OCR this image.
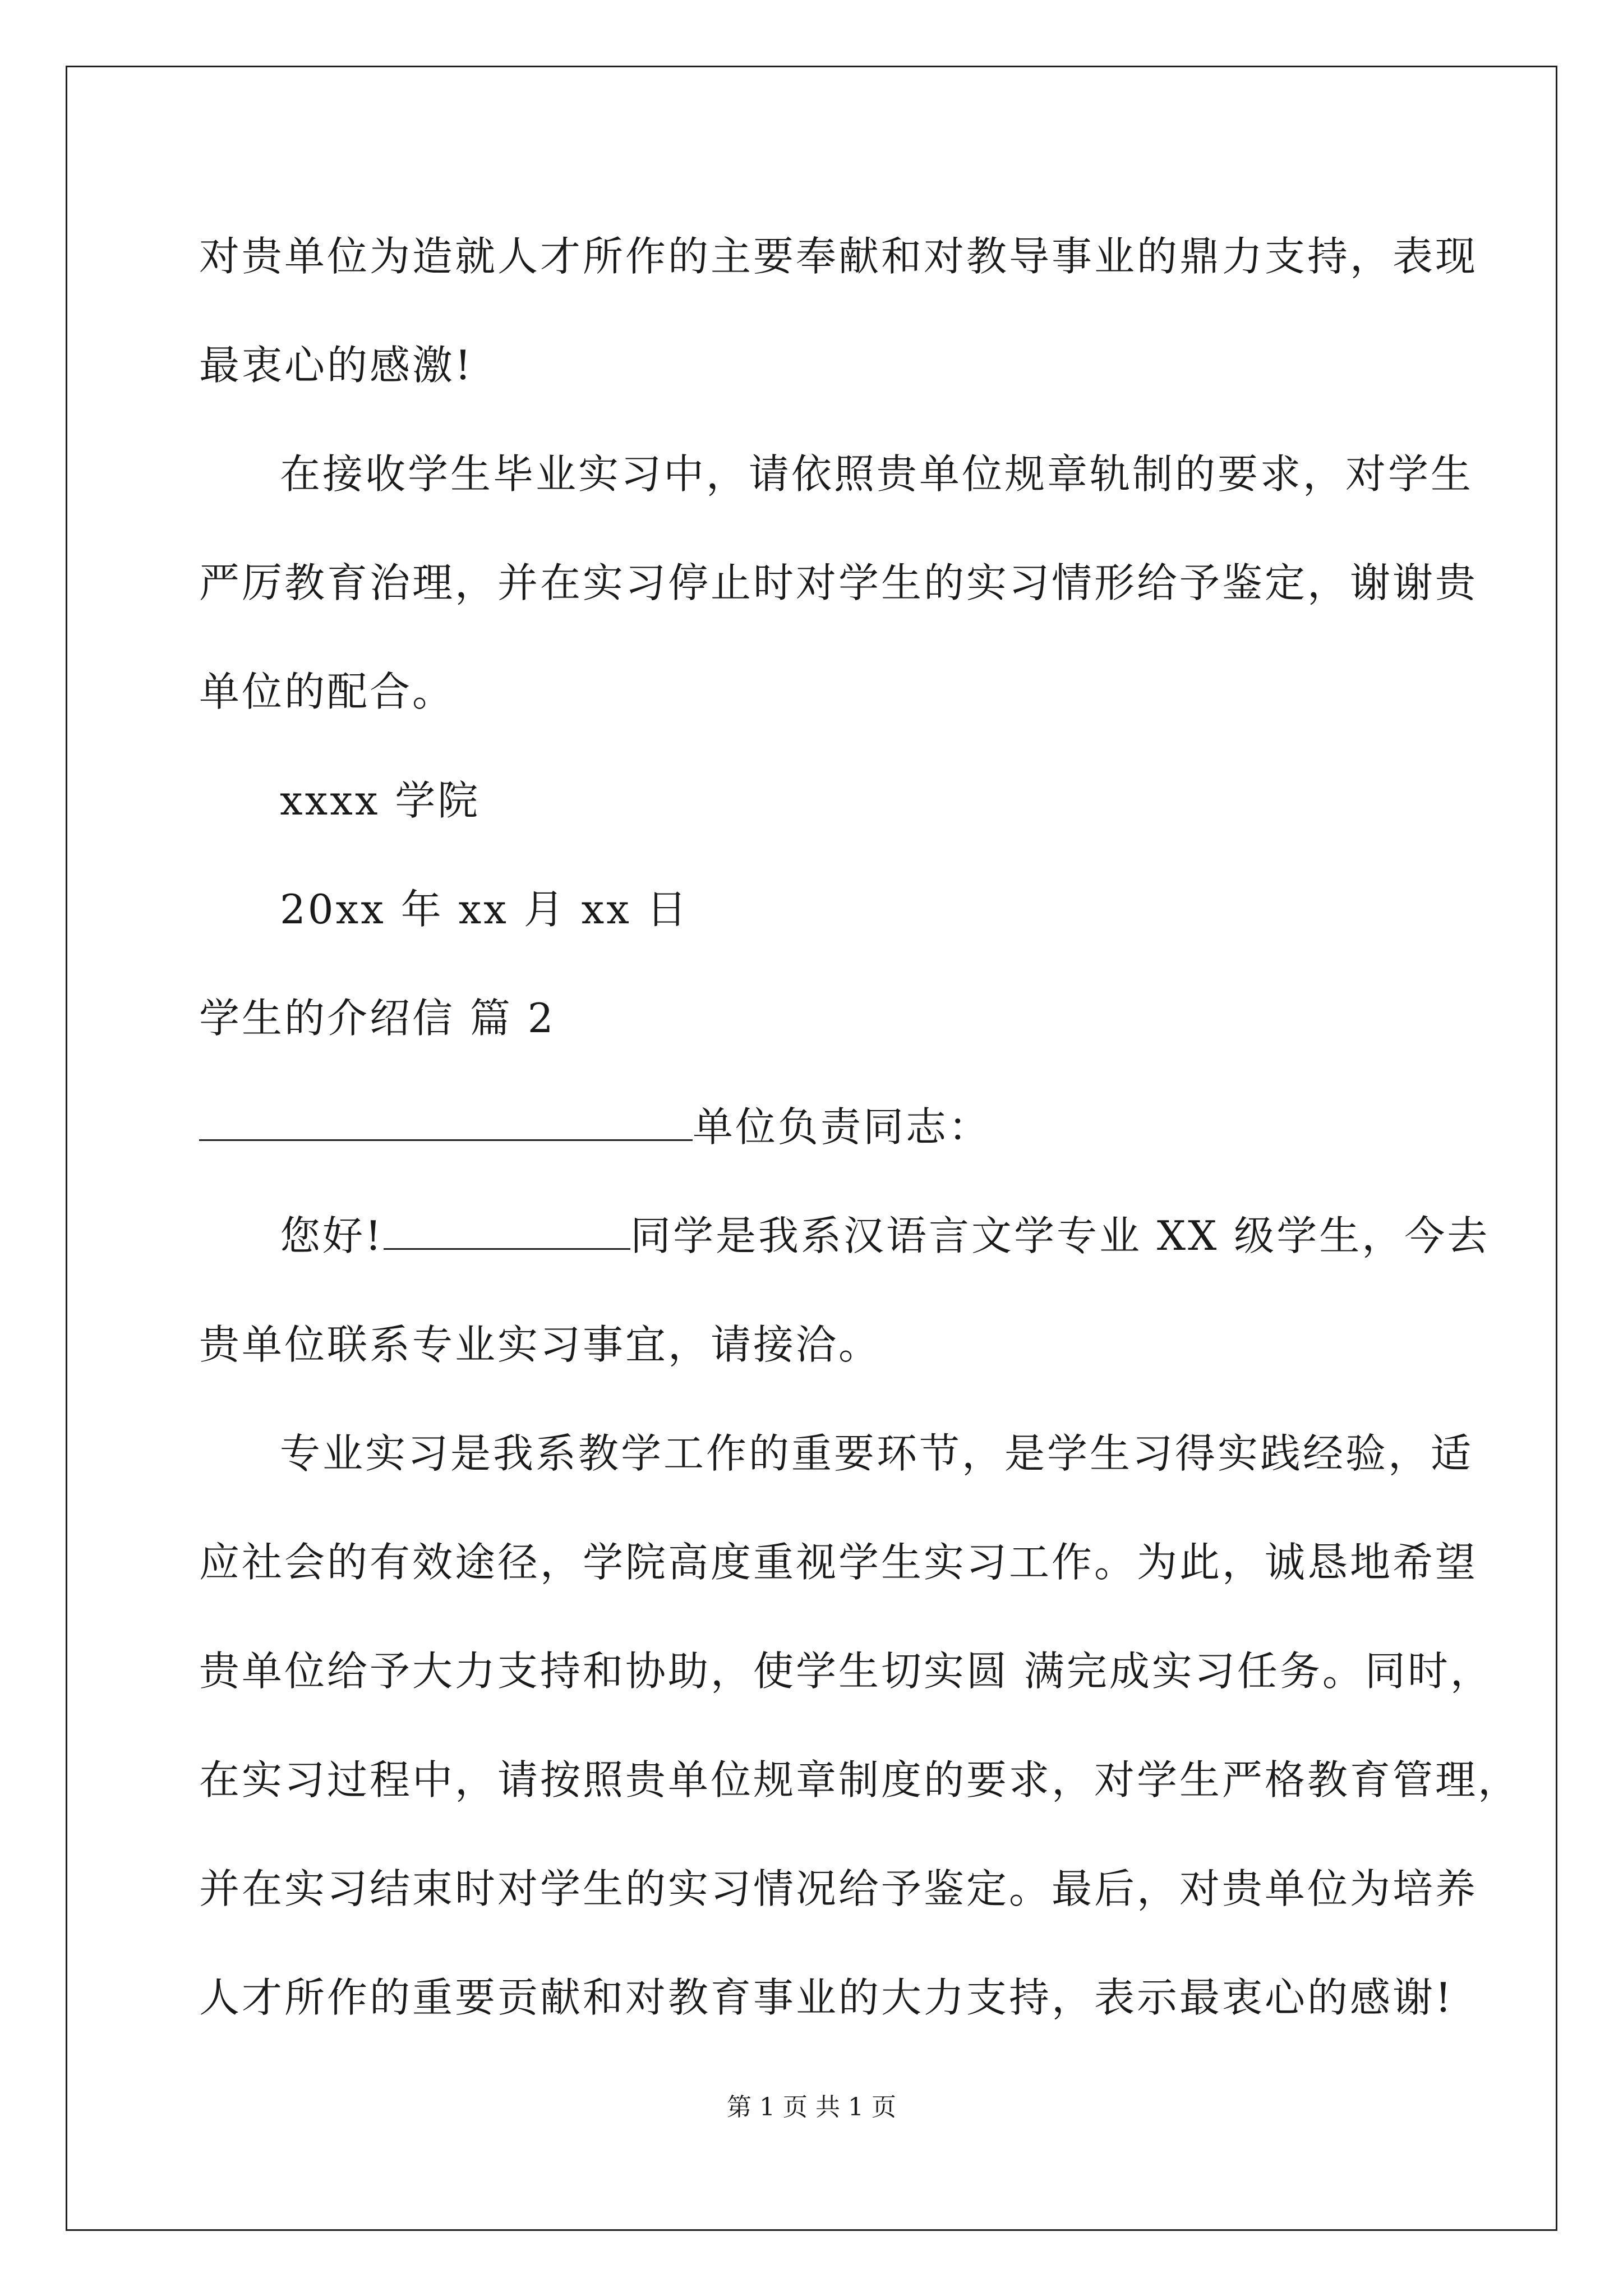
对贵单位为造就人才所作的主要奉献和对教导事业的鼎力支持，表现
最衷心的感激!
在接收学生毕业实习中，请依照贵单位规章轨制的要求，对学生
严厉教育治理，并在实习停止时对学生的实习情形给予鉴定，谢谢贵
单位的配合。
xxxx 学院
20xx 年 xx 月 xx 日
学生的介绍信 篇 2
单位负责同志：
您好!	同学是我系汉语言文学专业 XX 级学生，今去
贵单位联系专业实习事宜，请接洽。
专业实习是我系教学工作的重要环节，是学生习得实践经验，适
应社会的有效途径，学院高度重视学生实习工作。为此，诚恳地希望
贵单位给予大力支持和协助，使学生切实圆 满完成实习任务。同时，
在实习过程中，请按照贵单位规章制度的要求，对学生严格教育管理，
并在实习结束时对学生的实习情况给予鉴定。最后，对贵单位为培养
人才所作的重要贡献和对教育事业的大力支持，表示最衷心的感谢!
第 1 页 共 1 页
